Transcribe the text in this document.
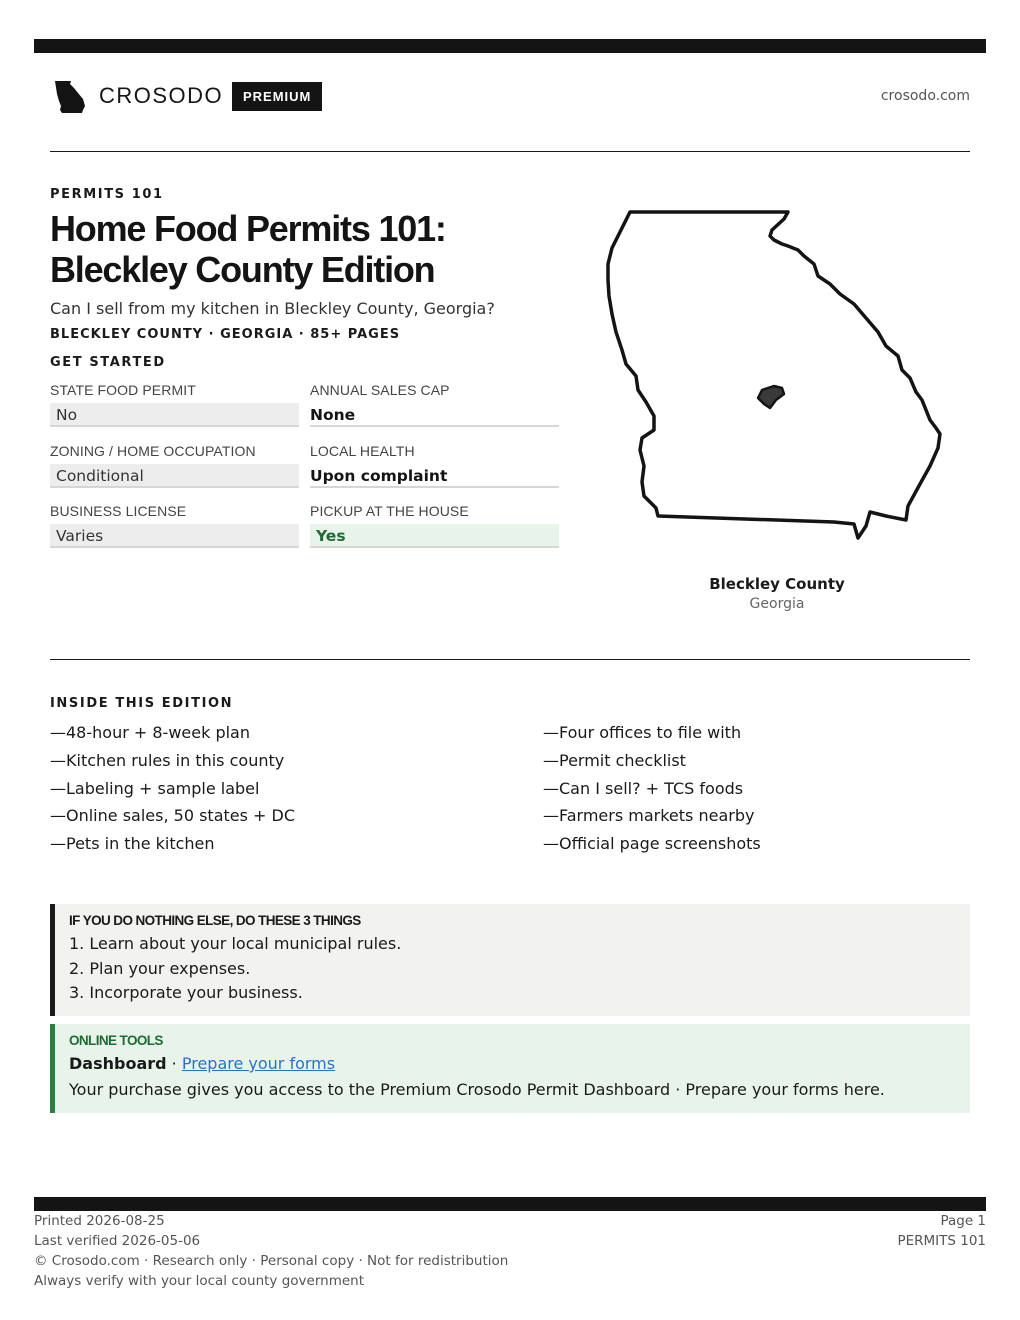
CROSODO	PREMIUM	crosodo.com
PERMITS 101
Home Food Permits 101: Bleckley County Edition
Can I sell from my kitchen in Bleckley County, Georgia?
BLECKLEY COUNTY · GEORGIA · 85+ PAGES
GET STARTED
STATE FOOD PERMIT
No
ANNUAL SALES CAP
None
ZONING / HOME OCCUPATION
Conditional
LOCAL HEALTH
Upon complaint
BUSINESS LICENSE
Varies
PICKUP AT THE HOUSE
Yes
Bleckley County
Georgia
INSIDE THIS EDITION
—48-hour + 8-week plan
—Kitchen rules in this county
—Labeling + sample label
—Online sales, 50 states + DC
—Pets in the kitchen
—Four offices to file with
—Permit checklist
—Can I sell? + TCS foods
—Farmers markets nearby
—Official page screenshots
IF YOU DO NOTHING ELSE, DO THESE 3 THINGS
1. Learn about your local municipal rules.
2. Plan your expenses.
3. Incorporate your business.
ONLINE TOOLS
Dashboard · Prepare your forms
Your purchase gives you access to the Premium Crosodo Permit Dashboard · Prepare your forms here.
Printed 2026-08-25
Last verified 2026-05-06
© Crosodo.com · Research only · Personal copy · Not for redistribution
Always verify with your local county government
Page 1
PERMITS 101
